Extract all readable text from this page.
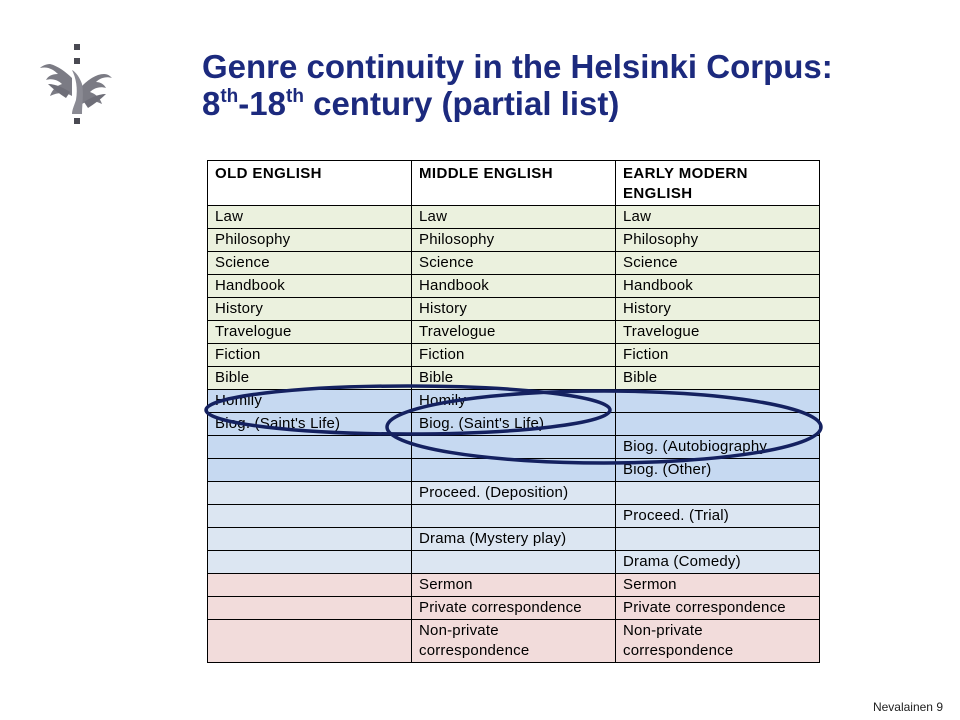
Genre continuity in the Helsinki Corpus:
8th-18th century (partial list)
OLD ENGLISH	MIDDLE ENGLISH	EARLY MODERN ENGLISH
Law	Law	Law
Philosophy	Philosophy	Philosophy
Science	Science	Science
Handbook	Handbook	Handbook
History	History	History
Travelogue	Travelogue	Travelogue
Fiction	Fiction	Fiction
Bible	Bible	Bible
Homily	Homily	
Biog. (Saint's Life)	Biog. (Saint's Life)	
		Biog. (Autobiography
		Biog. (Other)
	Proceed. (Deposition)	
		Proceed. (Trial)
	Drama (Mystery play)	
		Drama (Comedy)
	Sermon	Sermon
	Private correspondence	Private correspondence
	Non-private correspondence	Non-private correspondence
Nevalainen 9
